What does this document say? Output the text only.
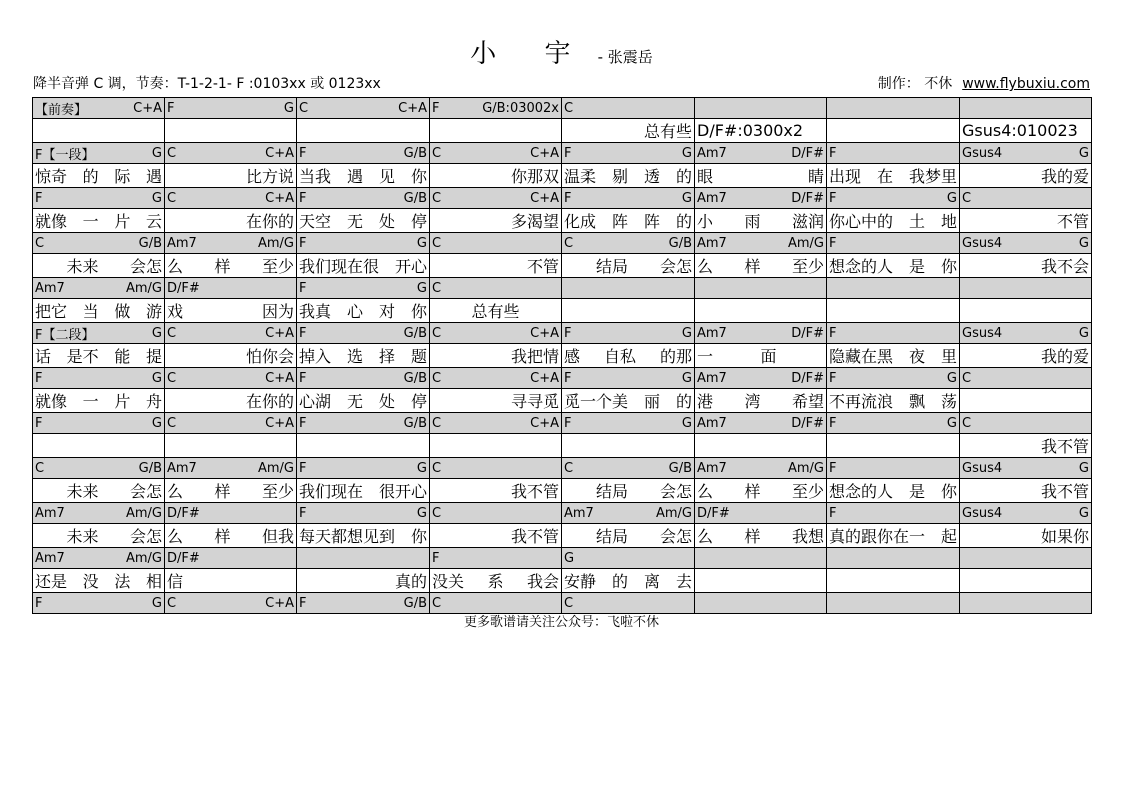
小 宇 - 张震岳
降半音弹 C 调，节奏：T-1-2-1- F :0103xx 或 0123xx	制作： 不休 www.flybuxiu.com
【前奏】 C+A	F G	C C+A	F G/B:03002x	C			

				总有些	D/F#:0300x2		Gsus4:010023

F【一段】 G	C C+A	F G/B	C C+A	F G	Am7 D/F#	F	Gsus4 G

惊奇 的 际 遇	比方说	当我 遇 见 你	你那双	温柔 剔 透 的	眼 睛	出现 在 我梦里	我的爱

F G	C C+A	F G/B	C C+A	F G	Am7 D/F#	F G	C

就像 一 片 云	在你的	天空 无 处 停	多渴望	化成 阵 阵 的	小 雨 滋润	你心中的 土 地	不管

C G/B	Am7 Am/G	F G	C	C G/B	Am7 Am/G	F	Gsus4 G

未来 会怎	么 样 至少	我们现在很 开心	不管	结局 会怎	么 样 至少	想念的人 是 你	我不会

Am7 Am/G	D/F#	F G	C				

把它 当 做 游	戏 因为	我真 心 对 你	总有些				

F【二段】 G	C C+A	F G/B	C C+A	F G	Am7 D/F#	F	Gsus4 G

话 是不 能 提	怕你会	掉入 选 择 题	我把情	感 自私 的那	一 面	隐藏在黑 夜 里	我的爱

F G	C C+A	F G/B	C C+A	F G	Am7 D/F#	F G	C

就像 一 片 舟	在你的	心湖 无 处 停	寻寻觅	觅一个美 丽 的	港 湾 希望	不再流浪 飘 荡	

F G	C C+A	F G/B	C C+A	F G	Am7 D/F#	F G	C

							我不管

C G/B	Am7 Am/G	F G	C	C G/B	Am7 Am/G	F	Gsus4 G

未来 会怎	么 样 至少	我们现在 很开心	我不管	结局 会怎	么 样 至少	想念的人 是 你	我不管

Am7 Am/G	D/F#	F G	C	Am7 Am/G	D/F#	F	Gsus4 G

未来 会怎	么 样 但我	每天都想见到 你	我不管	结局 会怎	么 样 我想	真的跟你在一 起	如果你

Am7 Am/G	D/F#		F	G			

还是 没 法 相	信	真的	没关 系 我会	安静 的 离 去			

F G	C C+A	F G/B	C	C			

更多歌谱请关注公众号：飞啦不休
